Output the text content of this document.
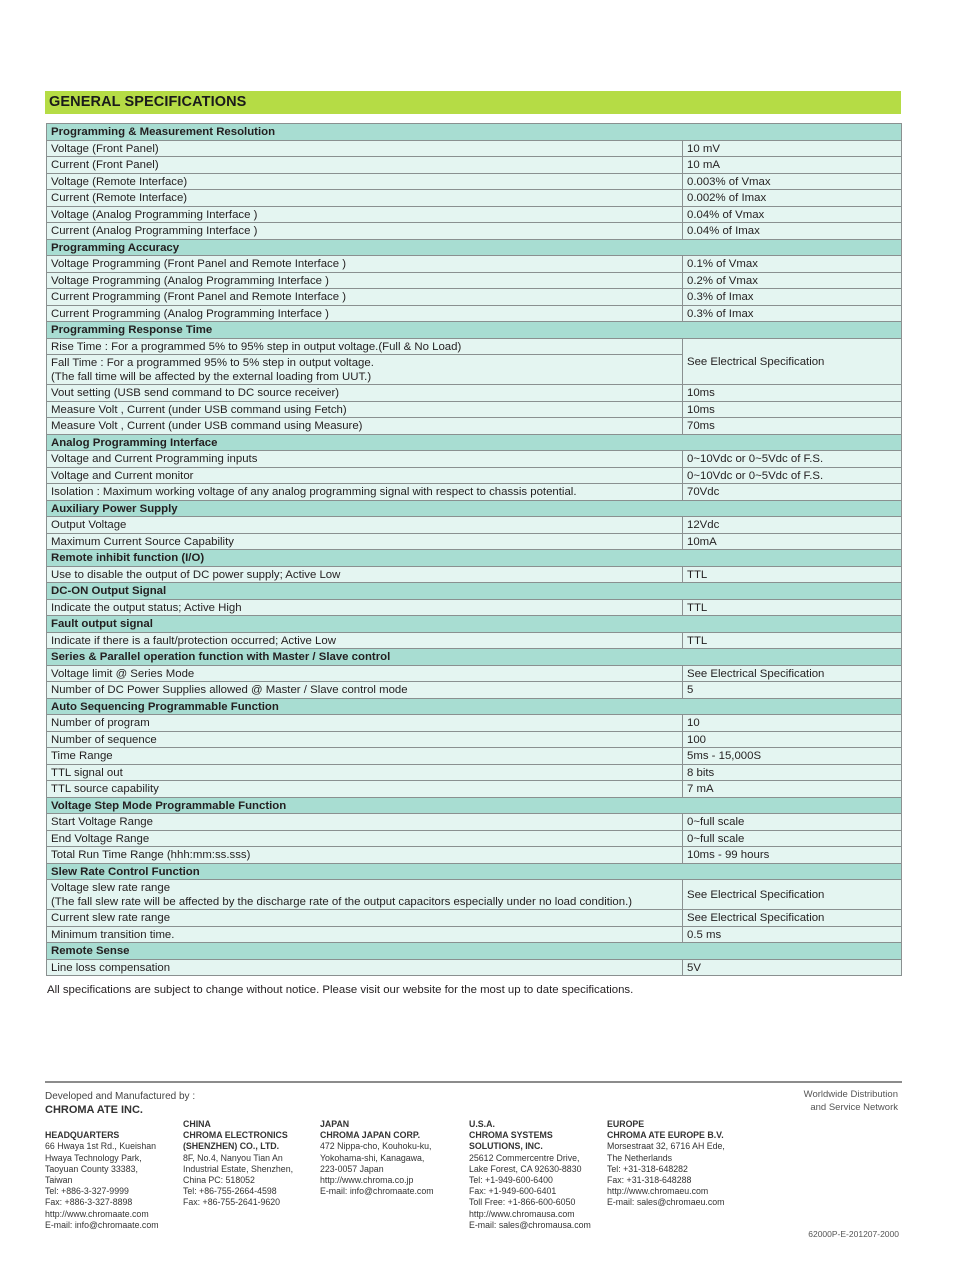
GENERAL SPECIFICATIONS
Programming & Measurement Resolution	

Voltage (Front Panel)	10 mV

Current (Front Panel)	10 mA

Voltage (Remote Interface)	0.003% of Vmax

Current (Remote Interface)	0.002% of Imax

Voltage (Analog Programming Interface )	0.04% of Vmax

Current (Analog Programming Interface )	0.04% of Imax
Programming Accuracy	

Voltage Programming (Front Panel and Remote Interface )	0.1% of Vmax

Voltage Programming (Analog Programming Interface )	0.2% of Vmax

Current Programming (Front Panel and Remote Interface )	0.3% of Imax

Current Programming (Analog Programming Interface )	0.3% of Imax
Programming Response Time	

Rise Time : For a programmed 5% to 95% step in output voltage.(Full & No Load)	See Electrical Specification

Fall Time : For a programmed 95% to 5% step in output voltage.
(The fall time will be affected by the external loading from UUT.)	

Vout setting (USB send command to DC source receiver)	10ms

Measure Volt , Current (under USB command using Fetch)	10ms

Measure Volt , Current (under USB command using Measure)	70ms
Analog Programming Interface	

Voltage and Current Programming inputs	0~10Vdc or 0~5Vdc of F.S.

Voltage and Current monitor	0~10Vdc or 0~5Vdc of F.S.

Isolation : Maximum working voltage of any analog programming signal with respect to chassis potential.	70Vdc
Auxiliary Power Supply	

Output Voltage	12Vdc

Maximum Current Source Capability	10mA
Remote inhibit function (I/O)	

Use to disable the output of DC power supply; Active Low	TTL
DC-ON Output Signal	

Indicate the output status; Active High	TTL
Fault output signal	

Indicate if there is a fault/protection occurred; Active Low	TTL
Series & Parallel operation function with Master / Slave control	

Voltage limit @ Series Mode	See Electrical Specification

Number of DC Power Supplies allowed @ Master / Slave control mode	5
Auto Sequencing Programmable Function	

Number of program	10

Number of sequence	100

Time Range	5ms - 15,000S

TTL signal out	8 bits

TTL source capability	7 mA
Voltage Step Mode Programmable Function	

Start Voltage Range	0~full scale

End Voltage Range	0~full scale

Total Run Time Range (hhh:mm:ss.sss)	10ms - 99 hours
Slew Rate Control Function	

Voltage slew rate range
(The fall slew rate will be affected by the discharge rate of the output capacitors especially under no load condition.)	See Electrical Specification

Current slew rate range	See Electrical Specification

Minimum transition time.	0.5 ms
Remote Sense	

Line loss compensation	5V
All specifications are subject to change without notice. Please visit our website for the most up to date specifications.
Developed and Manufactured by :
CHROMA ATE INC.
Worldwide Distribution
and Service Network

HEADQUARTERS
66 Hwaya 1st Rd., Kueishan
Hwaya Technology Park,
Taoyuan County 33383,
Taiwan
Tel: +886-3-327-9999
Fax: +886-3-327-8898
http://www.chromaate.com
E-mail: info@chromaate.com
CHINA
CHROMA ELECTRONICS
(SHENZHEN) CO., LTD.
8F, No.4, Nanyou Tian An
Industrial Estate, Shenzhen,
China PC: 518052
Tel: +86-755-2664-4598
Fax: +86-755-2641-9620
JAPAN
CHROMA JAPAN CORP.
472 Nippa-cho, Kouhoku-ku,
Yokohama-shi, Kanagawa,
223-0057 Japan
http://www.chroma.co.jp
E-mail: info@chromaate.com
U.S.A.
CHROMA SYSTEMS
SOLUTIONS, INC.
25612 Commercentre Drive,
Lake Forest, CA 92630-8830
Tel: +1-949-600-6400
Fax: +1-949-600-6401
Toll Free: +1-866-600-6050
http://www.chromausa.com
E-mail: sales@chromausa.com
EUROPE
CHROMA ATE EUROPE B.V.
Morsestraat 32, 6716 AH Ede,
The Netherlands
Tel: +31-318-648282
Fax: +31-318-648288
http://www.chromaeu.com
E-mail: sales@chromaeu.com
62000P-E-201207-2000
